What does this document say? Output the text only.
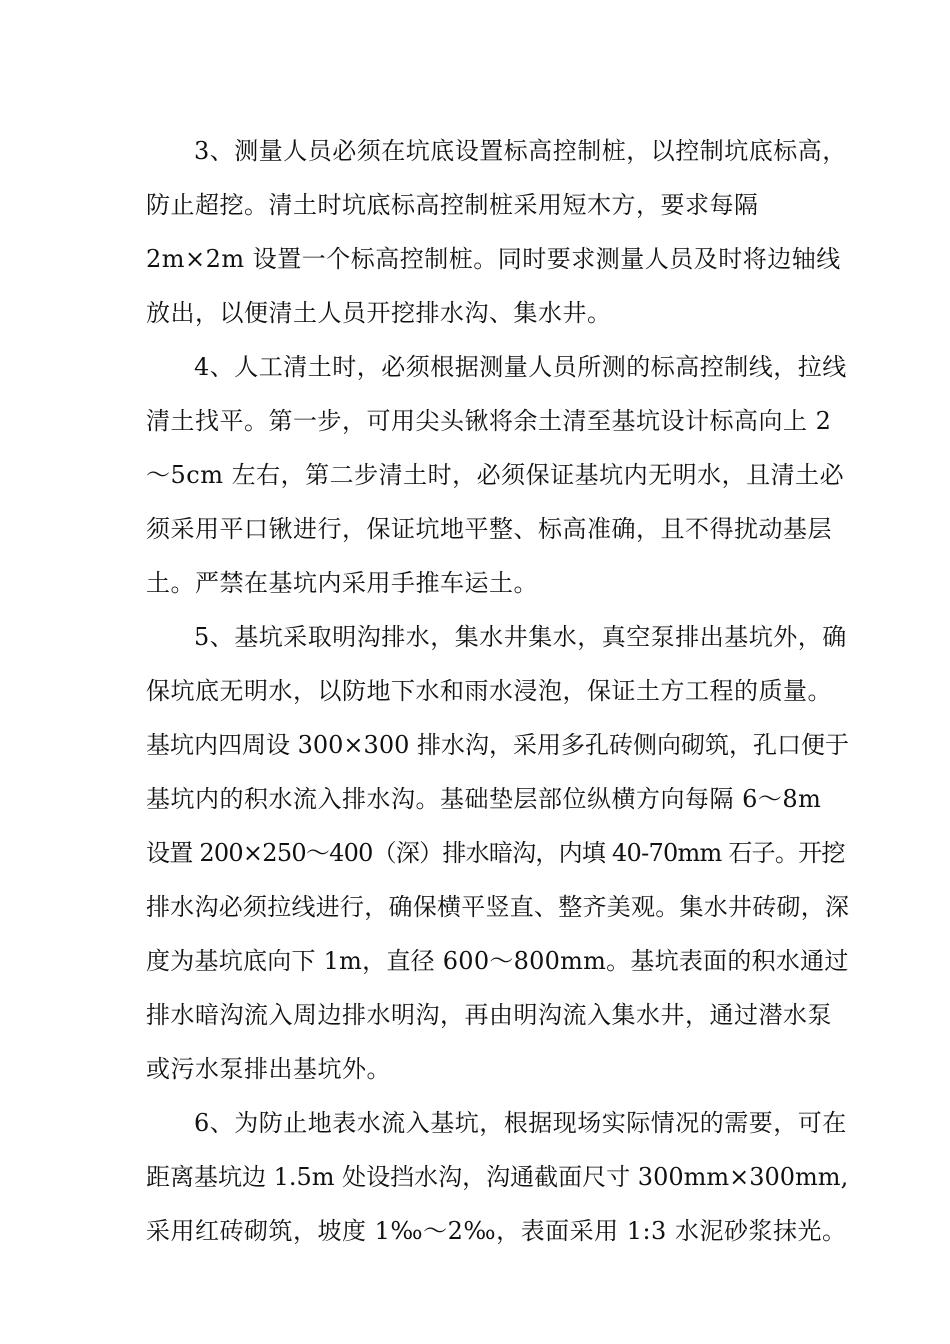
3、测量人员必须在坑底设置标高控制桩，以控制坑底标高，
防止超挖。清土时坑底标高控制桩采用短木方，要求每隔
2m×2m 设置一个标高控制桩。同时要求测量人员及时将边轴线
放出，以便清土人员开挖排水沟、集水井。

4、人工清土时，必须根据测量人员所测的标高控制线，拉线
清土找平。第一步，可用尖头锹将余土清至基坑设计标高向上 2
～5cm 左右，第二步清土时，必须保证基坑内无明水，且清土必
须采用平口锹进行，保证坑地平整、标高准确，且不得扰动基层
土。严禁在基坑内采用手推车运土。

5、基坑采取明沟排水，集水井集水，真空泵排出基坑外，确
保坑底无明水，以防地下水和雨水浸泡，保证土方工程的质量。
基坑内四周设 300×300 排水沟，采用多孔砖侧向砌筑，孔口便于
基坑内的积水流入排水沟。基础垫层部位纵横方向每隔 6～8m
设置 200×250～400（深）排水暗沟，内填 40-70mm 石子。开挖
排水沟必须拉线进行，确保横平竖直、整齐美观。集水井砖砌，深
度为基坑底向下 1m，直径 600～800mm。基坑表面的积水通过
排水暗沟流入周边排水明沟，再由明沟流入集水井，通过潜水泵
或污水泵排出基坑外。

6、为防止地表水流入基坑，根据现场实际情况的需要，可在
距离基坑边 1.5m 处设挡水沟，沟通截面尺寸 300mm×300mm,
采用红砖砌筑，坡度 1‰～2‰，表面采用 1:3 水泥砂浆抹光。
